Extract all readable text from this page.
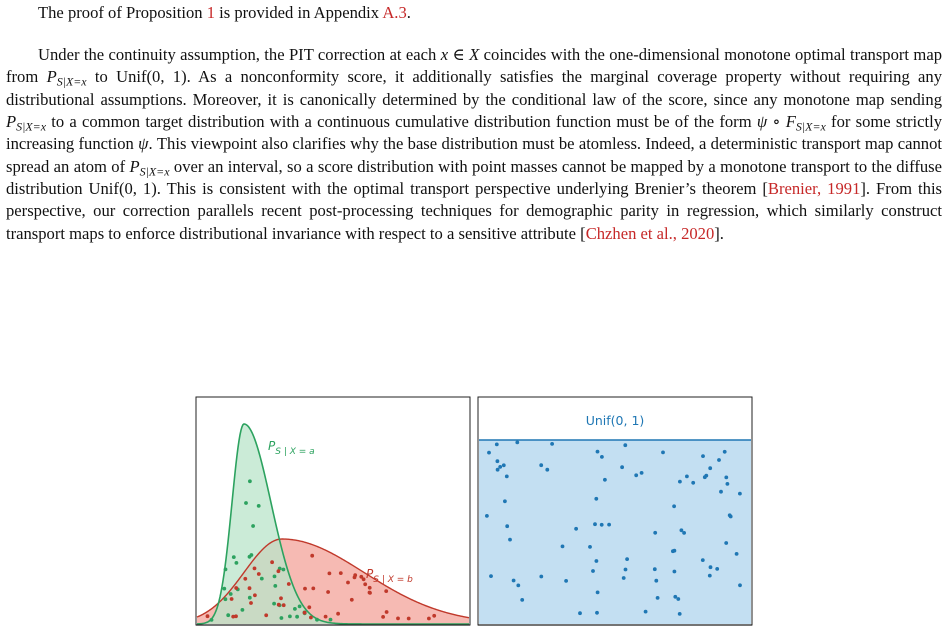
The proof of Proposition 1 is provided in Appendix A.3.

Under the continuity assumption, the PIT correction at each x ∈ X coincides with the one-dimensional monotone optimal transport map from $P_{S|X=x}$ to Unif(0, 1). As a nonconformity score, it additionally satisfies the marginal coverage property without requiring any distributional assumptions. Moreover, it is canonically determined by the conditional law of the score, since any monotone map sending $P_{S|X=x}$ to a common target distribution with a continuous cumulative distribution function must be of the form ψ ∘ $F_{S|X=x}$ for some strictly increasing function ψ. This viewpoint also clarifies why the base distribution must be atomless. Indeed, a deterministic transport map cannot spread an atom of $P_{S|X=x}$ over an interval, so a score distribution with point masses cannot be mapped by a monotone transport to the diffuse distribution Unif(0, 1). This is consistent with the optimal transport perspective underlying Brenier’s theorem [Brenier, 1991]. From this perspective, our correction parallels recent post-processing techniques for demographic parity in regression, which similarly construct transport maps to enforce distributional invariance with respect to a sensitive attribute [Chzhen et al., 2020].

$P_{S | X = a}$
$P_{S | X = b}$
Unif(0, 1)
